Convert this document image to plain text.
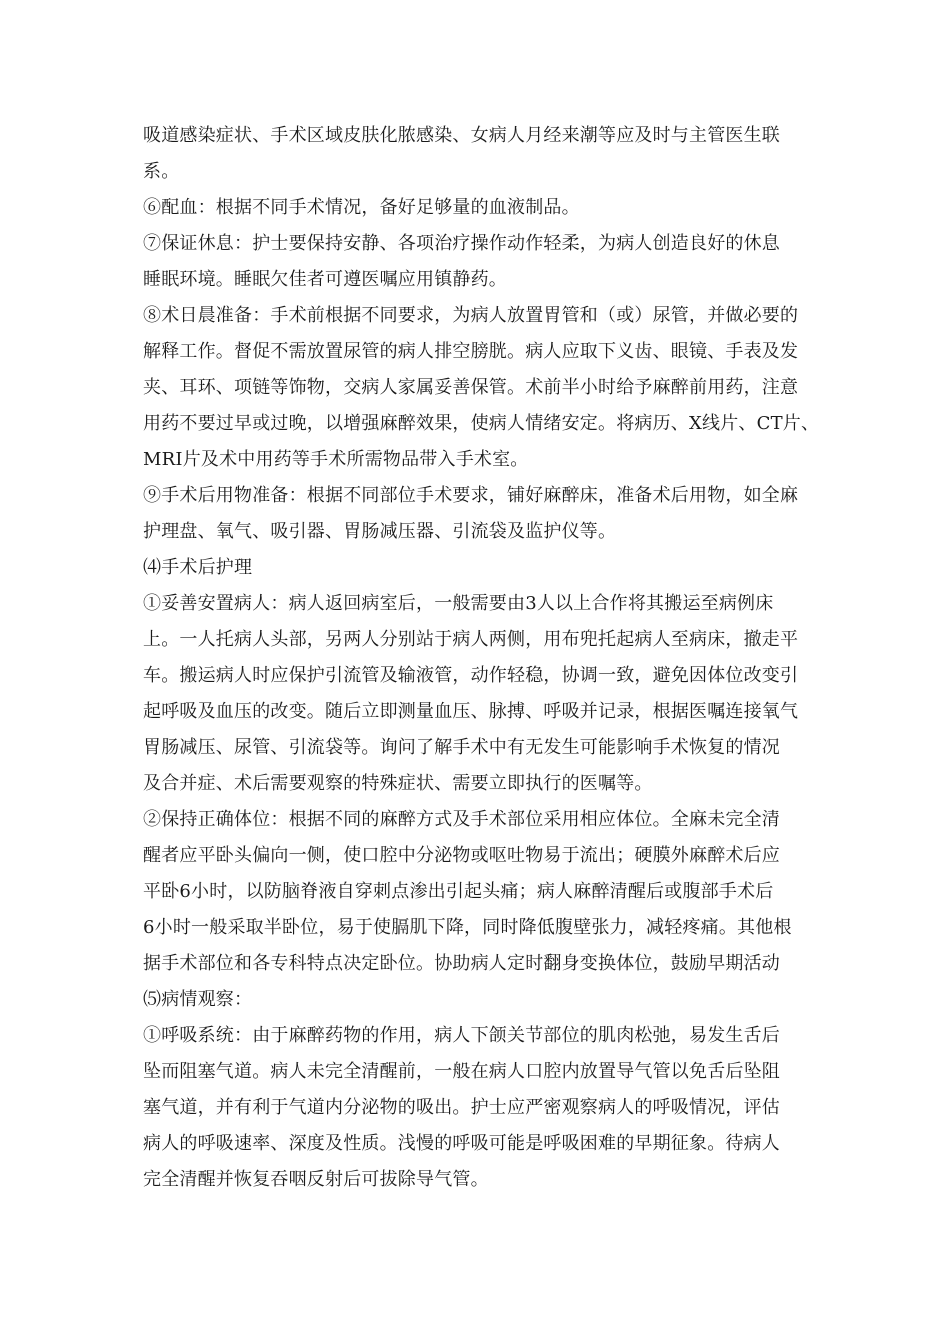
吸道感染症状、手术区域皮肤化脓感染、女病人月经来潮等应及时与主管医生联
系。
⑥配血：根据不同手术情况，备好足够量的血液制品。
⑦保证休息：护士要保持安静、各项治疗操作动作轻柔，为病人创造良好的休息
睡眠环境。睡眠欠佳者可遵医嘱应用镇静药。
⑧术日晨准备：手术前根据不同要求，为病人放置胃管和（或）尿管，并做必要的
解释工作。督促不需放置尿管的病人排空膀胱。病人应取下义齿、眼镜、手表及发
夹、耳环、项链等饰物，交病人家属妥善保管。术前半小时给予麻醉前用药，注意
用药不要过早或过晚，以增强麻醉效果，使病人情绪安定。将病历、X线片、CT片、
MRI片及术中用药等手术所需物品带入手术室。
⑨手术后用物准备：根据不同部位手术要求，铺好麻醉床，准备术后用物，如全麻
护理盘、氧气、吸引器、胃肠减压器、引流袋及监护仪等。
⑷手术后护理
①妥善安置病人：病人返回病室后，一般需要由3人以上合作将其搬运至病例床
上。一人托病人头部，另两人分别站于病人两侧，用布兜托起病人至病床，撤走平
车。搬运病人时应保护引流管及输液管，动作轻稳，协调一致，避免因体位改变引
起呼吸及血压的改变。随后立即测量血压、脉搏、呼吸并记录，根据医嘱连接氧气
胃肠减压、尿管、引流袋等。询问了解手术中有无发生可能影响手术恢复的情况
及合并症、术后需要观察的特殊症状、需要立即执行的医嘱等。
②保持正确体位：根据不同的麻醉方式及手术部位采用相应体位。全麻未完全清
醒者应平卧头偏向一侧，使口腔中分泌物或呕吐物易于流出；硬膜外麻醉术后应
平卧6小时，以防脑脊液自穿刺点渗出引起头痛；病人麻醉清醒后或腹部手术后
6小时一般采取半卧位，易于使膈肌下降，同时降低腹壁张力，减轻疼痛。其他根
据手术部位和各专科特点决定卧位。协助病人定时翻身变换体位，鼓励早期活动
⑸病情观察：
①呼吸系统：由于麻醉药物的作用，病人下颌关节部位的肌肉松弛，易发生舌后
坠而阻塞气道。病人未完全清醒前，一般在病人口腔内放置导气管以免舌后坠阻
塞气道，并有利于气道内分泌物的吸出。护士应严密观察病人的呼吸情况，评估
病人的呼吸速率、深度及性质。浅慢的呼吸可能是呼吸困难的早期征象。待病人
完全清醒并恢复吞咽反射后可拔除导气管。
